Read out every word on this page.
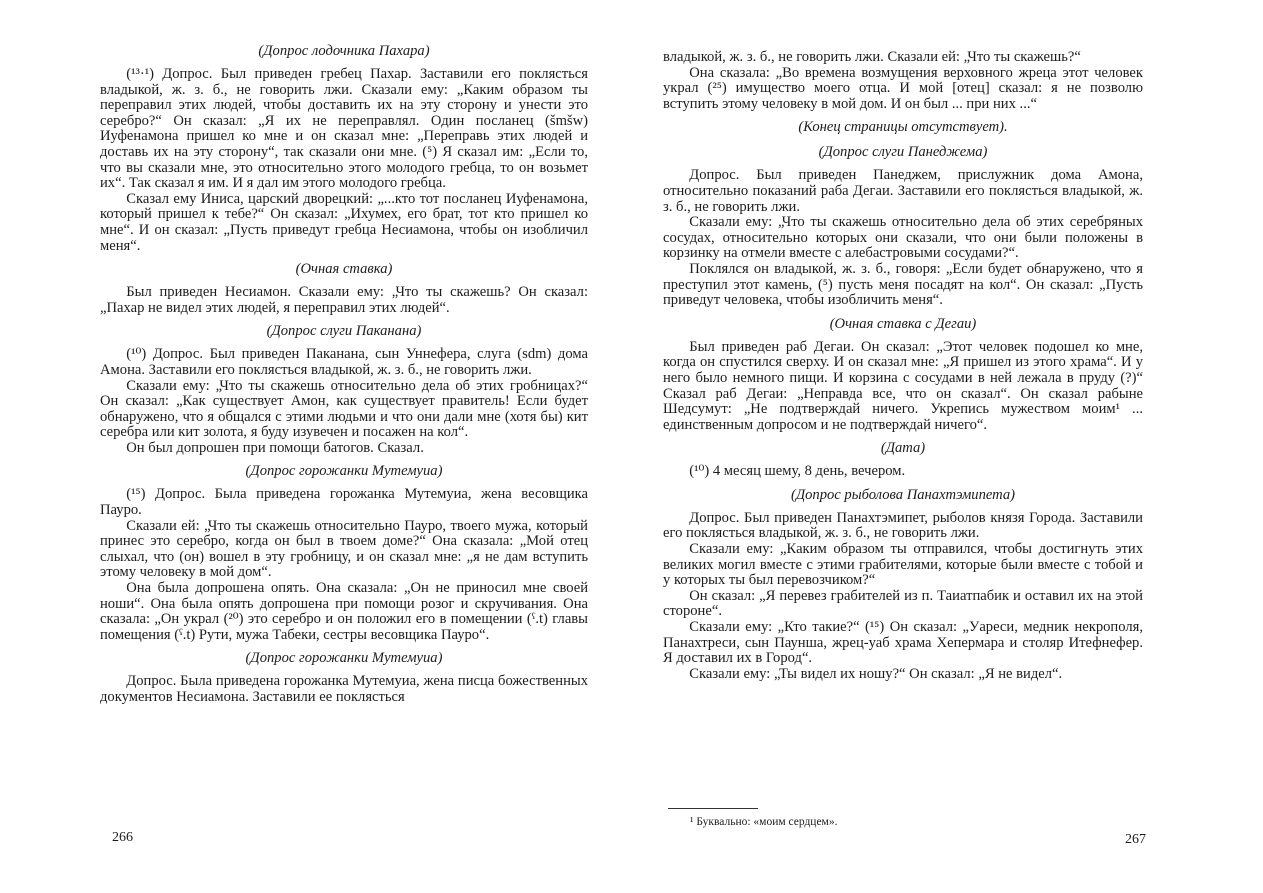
(Допрос лодочника Пахара)

(¹³·¹) Допрос. Был приведен гребец Пахар. Заставили его поклясться владыкой, ж. з. б., не говорить лжи. Сказали ему: „Каким образом ты переправил этих людей, чтобы доставить их на эту сторону и унести это серебро?“ Он сказал: „Я их не переправлял. Один посланец (šmšw) Иуфенамона пришел ко мне и он сказал мне: „Переправь этих людей и доставь их на эту сторону“, так сказали они мне. (⁵) Я сказал им: „Если то, что вы сказали мне, это относительно этого молодого гребца, то он возьмет их“. Так сказал я им. И я дал им этого молодого гребца.

Сказал ему Иниса, царский дворецкий: „...кто тот посланец Иуфенамона, который пришел к тебе?“ Он сказал: „Ихумех, его брат, тот кто пришел ко мне“. И он сказал: „Пусть приведут гребца Несиамона, чтобы он изобличил меня“.

(Очная ставка)

Был приведен Несиамон. Сказали ему: „Что ты скажешь? Он сказал: „Пахар не видел этих людей, я переправил этих людей“.

(Допрос слуги Паканана)

(¹⁰) Допрос. Был приведен Паканана, сын Уннефера, слуга (sdm) дома Амона. Заставили его поклясться владыкой, ж. з. б., не говорить лжи.

Сказали ему: „Что ты скажешь относительно дела об этих гробницах?“ Он сказал: „Как существует Амон, как существует правитель! Если будет обнаружено, что я общался с этими людьми и что они дали мне (хотя бы) кит серебра или кит золота, я буду изувечен и посажен на кол“.

Он был допрошен при помощи батогов. Сказал.

(Допрос горожанки Мутемуиа)

(¹⁵) Допрос. Была приведена горожанка Мутемуиа, жена весовщика Пауро.

Сказали ей: „Что ты скажешь относительно Пауро, твоего мужа, который принес это серебро, когда он был в твоем доме?“ Она сказала: „Мой отец слыхал, что (он) вошел в эту гробницу, и он сказал мне: „я не дам вступить этому человеку в мой дом“.

Она была допрошена опять. Она сказала: „Он не приносил мне своей ноши“. Она была опять допрошена при помощи розог и скручивания. Она сказала: „Он украл (²⁰) это серебро и он положил его в помещении (ˁ.t) главы помещения (ˁ.t) Рути, мужа Табеки, сестры весовщика Пауро“.

(Допрос горожанки Мутемуиа)

Допрос. Была приведена горожанка Мутемуиа, жена писца божественных документов Несиамона. Заставили ее поклясться

266

владыкой, ж. з. б., не говорить лжи. Сказали ей: „Что ты скажешь?“

Она сказала: „Во времена возмущения верховного жреца этот человек украл (²⁵) имущество моего отца. И мой [отец] сказал: я не позволю вступить этому человеку в мой дом. И он был ... при них ...“

(Конец страницы отсутствует).
(Допрос слуги Панеджема)

Допрос. Был приведен Панеджем, прислужник дома Амона, относительно показаний раба Дегаи. Заставили его поклясться владыкой, ж. з. б., не говорить лжи.

Сказали ему: „Что ты скажешь относительно дела об этих серебряных сосудах, относительно которых они сказали, что они были положены в корзинку на отмели вместе с алебастровыми сосудами?“.

Поклялся он владыкой, ж. з. б., говоря: „Если будет обнаружено, что я преступил этот камень, (⁵) пусть меня посадят на кол“. Он сказал: „Пусть приведут человека, чтобы изобличить меня“.

(Очная ставка с Дегаи)

Был приведен раб Дегаи. Он сказал: „Этот человек подошел ко мне, когда он спустился сверху. И он сказал мне: „Я пришел из этого храма“. И у него было немного пищи. И корзина с сосудами в ней лежала в пруду (?)“ Сказал раб Дегаи: „Неправда все, что он сказал“. Он сказал рабыне Шедсумут: „Не подтверждай ничего. Укрепись мужеством моим¹ ... единственным допросом и не подтверждай ничего“.

(Дата)

(¹⁰) 4 месяц шему, 8 день, вечером.

(Допрос рыболова Панахтэмипета)

Допрос. Был приведен Панахтэмипет, рыболов князя Города. Заставили его поклясться владыкой, ж. з. б., не говорить лжи.

Сказали ему: „Каким образом ты отправился, чтобы достигнуть этих великих могил вместе с этими грабителями, которые были вместе с тобой и у которых ты был перевозчиком?“

Он сказал: „Я перевез грабителей из п. Таиатпабик и оставил их на этой стороне“.

Сказали ему: „Кто такие?“ (¹⁵) Он сказал: „Уареси, медник некрополя, Панахтреси, сын Паунша, жрец-уаб храма Хепермара и столяр Итефнефер. Я доставил их в Город“.

Сказали ему: „Ты видел их ношу?“ Он сказал: „Я не видел“.

¹ Буквально: «моим сердцем».
267
